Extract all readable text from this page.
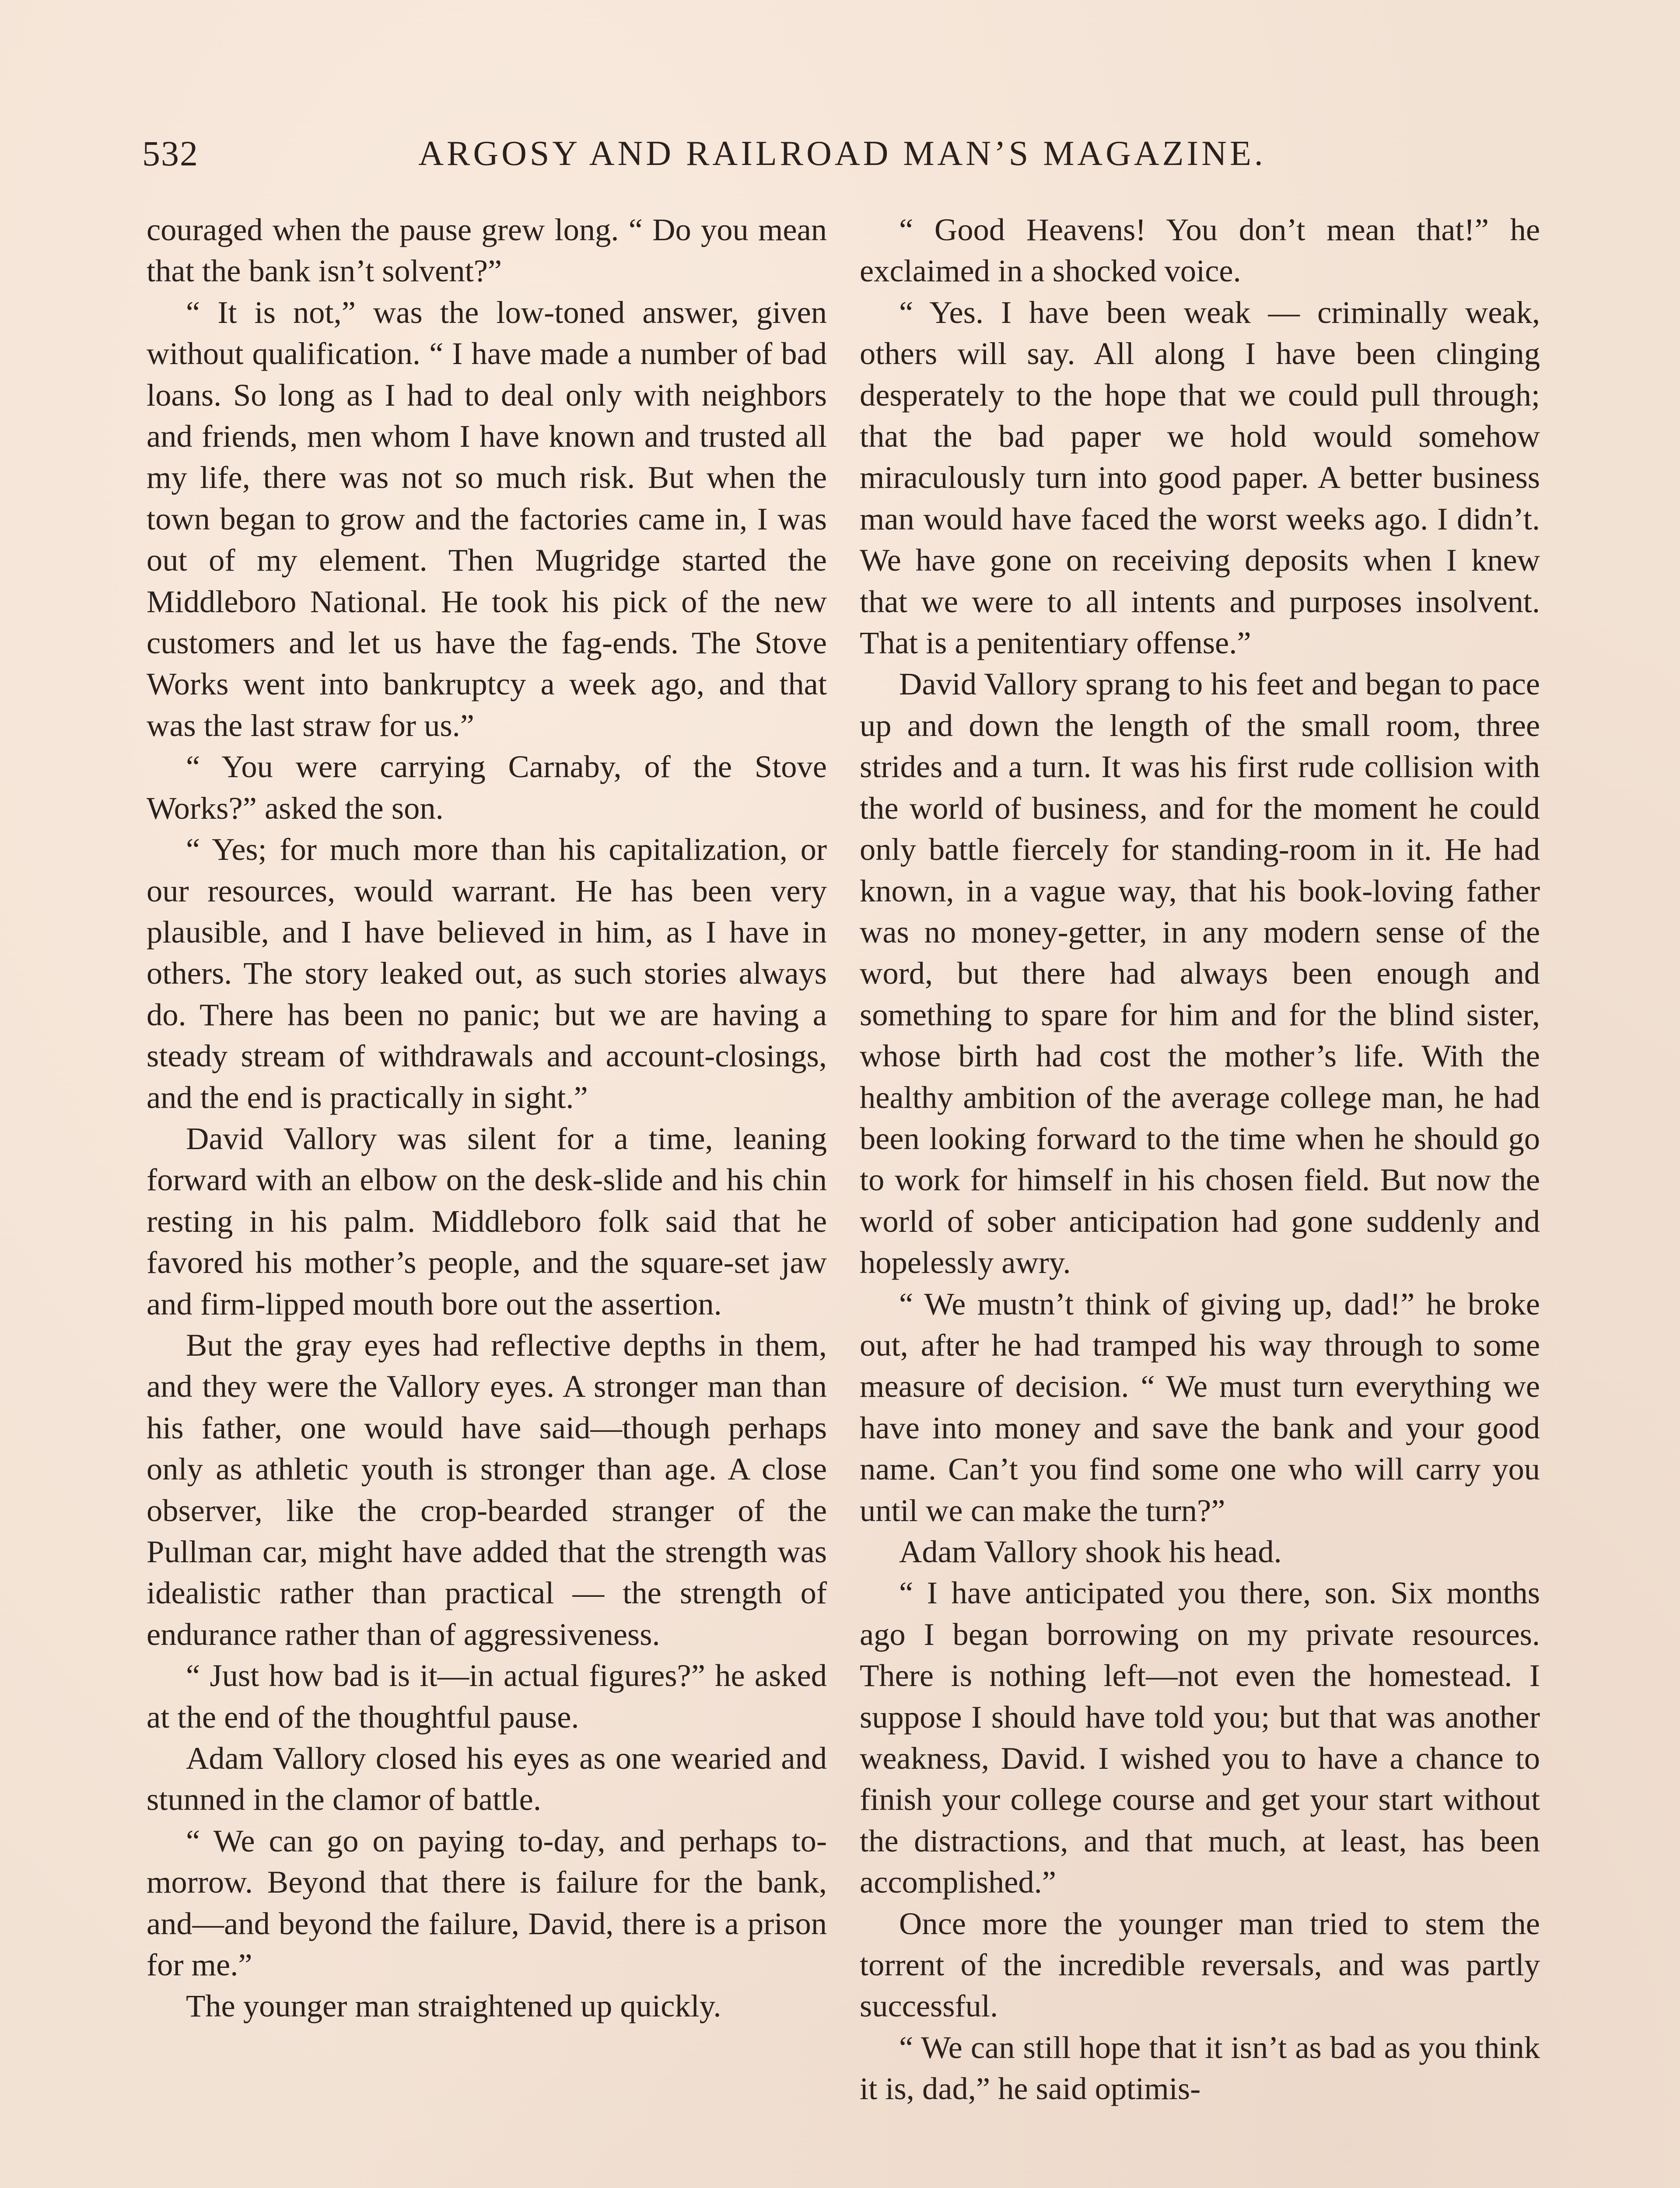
532	ARGOSY AND RAILROAD MAN’S MAGAZINE.

couraged when the pause grew long. “ Do you mean that the bank isn’t solvent?”

“ It is not,” was the low-toned answer, given without qualification. “ I have made a number of bad loans. So long as I had to deal only with neighbors and friends, men whom I have known and trusted all my life, there was not so much risk. But when the town began to grow and the factories came in, I was out of my element. Then Mugridge started the Middleboro National. He took his pick of the new customers and let us have the fag-ends. The Stove Works went into bankruptcy a week ago, and that was the last straw for us.”

“ You were carrying Carnaby, of the Stove Works?” asked the son.

“ Yes; for much more than his capitalization, or our resources, would warrant. He has been very plausible, and I have believed in him, as I have in others. The story leaked out, as such stories always do. There has been no panic; but we are having a steady stream of withdrawals and account-closings, and the end is practically in sight.”

David Vallory was silent for a time, leaning forward with an elbow on the desk-slide and his chin resting in his palm. Middleboro folk said that he favored his mother’s people, and the square-set jaw and firm-lipped mouth bore out the assertion.

But the gray eyes had reflective depths in them, and they were the Vallory eyes. A stronger man than his father, one would have said—though perhaps only as athletic youth is stronger than age. A close observer, like the crop-bearded stranger of the Pullman car, might have added that the strength was idealistic rather than practical — the strength of endurance rather than of aggressiveness.

“ Just how bad is it—in actual figures?” he asked at the end of the thoughtful pause.

Adam Vallory closed his eyes as one wearied and stunned in the clamor of battle.

“ We can go on paying to-day, and perhaps to-morrow. Beyond that there is failure for the bank, and—and beyond the failure, David, there is a prison for me.”

The younger man straightened up quickly.

“ Good Heavens! You don’t mean that!” he exclaimed in a shocked voice.

“ Yes. I have been weak — criminally weak, others will say. All along I have been clinging desperately to the hope that we could pull through; that the bad paper we hold would somehow miraculously turn into good paper. A better business man would have faced the worst weeks ago. I didn’t. We have gone on receiving deposits when I knew that we were to all intents and purposes insolvent. That is a penitentiary offense.”

David Vallory sprang to his feet and began to pace up and down the length of the small room, three strides and a turn. It was his first rude collision with the world of business, and for the moment he could only battle fiercely for standing-room in it. He had known, in a vague way, that his book-loving father was no money-getter, in any modern sense of the word, but there had always been enough and something to spare for him and for the blind sister, whose birth had cost the mother’s life. With the healthy ambition of the average college man, he had been looking forward to the time when he should go to work for himself in his chosen field. But now the world of sober anticipation had gone suddenly and hopelessly awry.

“ We mustn’t think of giving up, dad!” he broke out, after he had tramped his way through to some measure of decision. “ We must turn everything we have into money and save the bank and your good name. Can’t you find some one who will carry you until we can make the turn?”

Adam Vallory shook his head.

“ I have anticipated you there, son. Six months ago I began borrowing on my private resources. There is nothing left—not even the homestead. I suppose I should have told you; but that was another weakness, David. I wished you to have a chance to finish your college course and get your start without the distractions, and that much, at least, has been accomplished.”

Once more the younger man tried to stem the torrent of the incredible reversals, and was partly successful.

“ We can still hope that it isn’t as bad as you think it is, dad,” he said optimis-
